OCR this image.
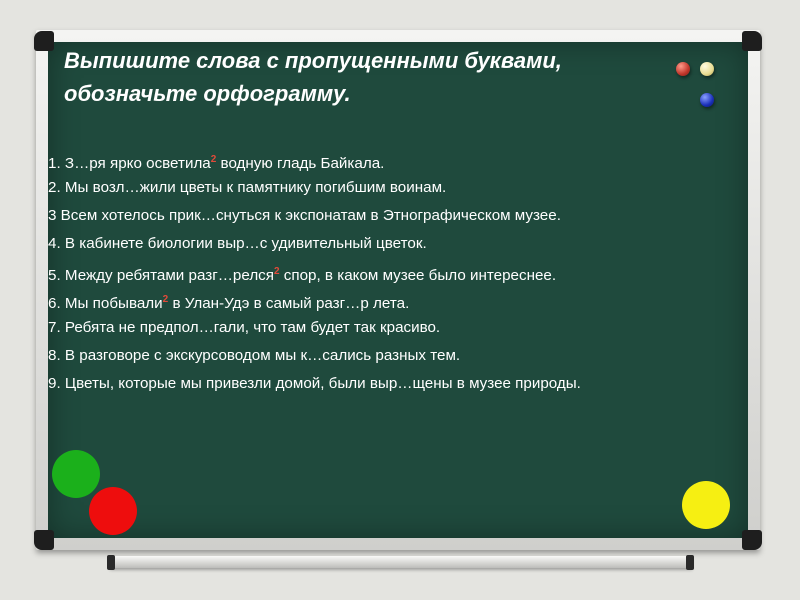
Выпишите слова с пропущенными буквами,
обозначьте орфограмму.
1. З…ря ярко осветила$^2$ водную гладь Байкала.
2. Мы возл…жили цветы к памятнику погибшим воинам.
3 Всем хотелось прик…снуться к экспонатам в Этнографическом музее.
4. В кабинете биологии выр…с удивительный цветок.
5. Между ребятами разг…релся$^2$ спор, в каком музее было интереснее.
6. Мы побывали$^2$ в Улан-Удэ в самый разг…р лета.
7. Ребята не предпол…гали, что там будет так красиво.
8. В разговоре с экскурсоводом мы к…сались разных тем.
9. Цветы, которые мы привезли домой, были выр…щены в музее природы.
